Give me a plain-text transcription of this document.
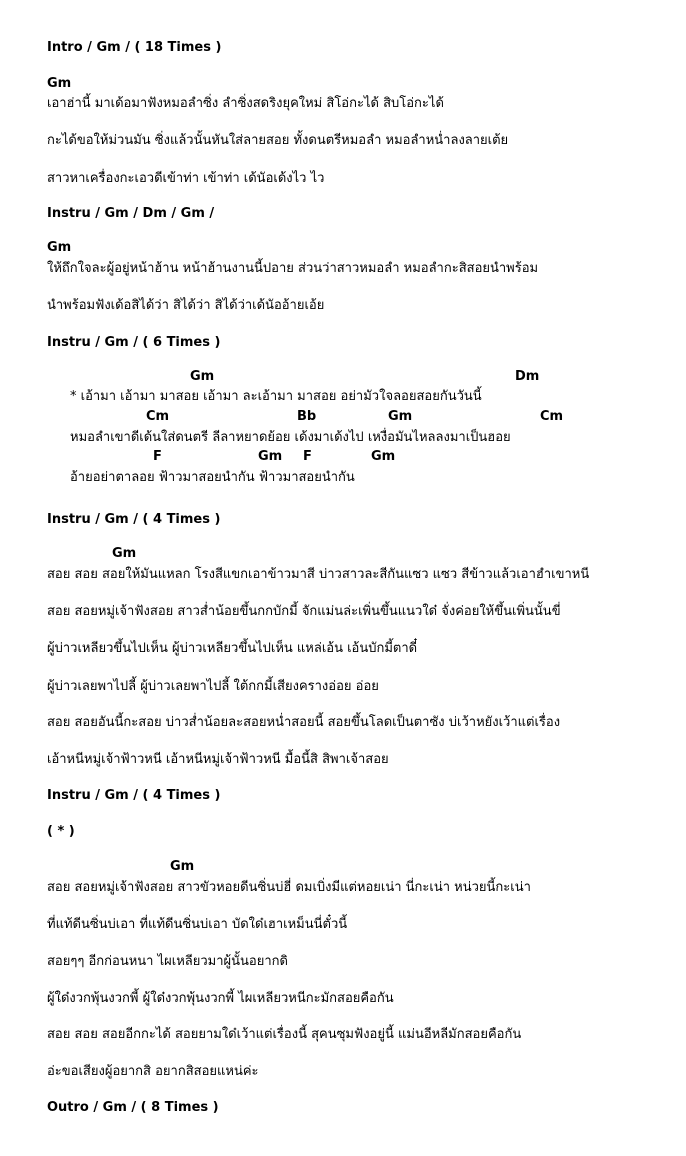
Intro / Gm / ( 18 Times )
Gm
เอาฮ่านี้ มาเด้อมาฟังหมอลำซิ่ง ลำซิ่งสดริงยุคใหม่ สิโอ่กะได้ สิบโอ่กะได้
กะได้ขอให้ม่วนมัน ซิ่งแล้วนั้นหันใส่ลายสอย ทั้งดนตรีหมอลำ หมอลำหน่ำลงลายเต้ย
สาวหาเครื่องกะเอวดีเข้าท่า เข้าท่า เด้นัอเด้งไว ไว
Instru / Gm / Dm / Gm /
Gm
ให้ถึกใจละผู้อยู่หน้าฮ้าน หน้าฮ้านงานนี้ปอาย ส่วนว่าสาวหมอลำ หมอลำกะสิสอยนำพร้อม
นำพร้อมฟังเด้อสิได้ว่า สิได้ว่า สิได้ว่าเด้นัออ้ายเอ้ย
Instru / Gm / ( 6 Times )
Gm	Dm
* เอ้ามา เอ้ามา มาสอย เอ้ามา ละเอ้ามา มาสอย อย่ามัวใจลอยสอยกันวันนี้
Cm	Bb	Gm	Cm
หมอลำเขาดีเด้นใส่ดนตรี ลีลาหยาดย้อย เด้งมาเด้งไป เหงื่อมันไหลลงมาเป็นฮอย
F	Gm F	Gm
อ้ายอย่าตาลอย ฟ้าวมาสอยนำกัน ฟ้าวมาสอยนำกัน
Instru / Gm / ( 4 Times )
Gm
สอย สอย สอยให้มันแหลก โรงสีแขกเอาข้าวมาสี บ่าวสาวละสีกันแซว แซว สีข้าวแล้วเอาฮำเขาหนี
สอย สอยหมู่เจ้าฟังสอย สาวส่ำน้อยขึ้นกกบักมี้ จักแม่นล่ะเพิ่นขึ้นแนวใด๋ จั่งค่อยให้ขึ้นเพิ่นนั้นขี่
ผู้บ่าวเหลียวขึ้นไปเห็น ผู้บ่าวเหลียวขึ้นไปเห็น แหล่เอ้น เอ้นบักมี้ตาดี๋
ผู้บ่าวเลยพาไปลี้ ผู้บ่าวเลยพาไปลี้ ใต้กกมี้เสียงครางอ่อย อ่อย
สอย สอยอันนี้กะสอย บ่าวส่ำน้อยละสอยหน่ำสอยนี้ สอยขึ้นโลดเป็นตาซัง บ่เว้าหยังเว้าแต่เรื่อง
เอ้าหนีหมู่เจ้าฟ้าวหนี เอ้าหนีหมู่เจ้าฟ้าวหนี มื้อนี้สิ สิพาเจ้าสอย
Instru / Gm / ( 4 Times )
( * )
Gm
สอย สอยหมู่เจ้าฟังสอย สาวขัวหอยดีนซิ่นบ่ฮี่ ดมเบิ่งมีแต่หอยเน่า นี่กะเน่า หน่วยนี้กะเน่า
ที่แท้ดีนซิ่นบ่เอา ที่แท้ดีนซิ่นบ่เอา บัดใด๋เฮาเหม็นนี่ตั๋วนี้
สอยๆๆ อีกก่อนหนา ไผเหลียวมาผู้นั้นอยากดิ
ผู้ใด๋งวกพุ้นงวกพี้ ผู้ใด๋งวกพุ้นงวกพี้ ไผเหลียวหนีกะมักสอยคือกัน
สอย สอย สอยอีกกะได้ สอยยามใด๋เว้าแต่เรื่องนี้ สุคนซุมฟังอยู่นี้ แม่นอีหลีมักสอยคือกัน
อ่ะขอเสียงผู้อยากสิ อยากสิสอยแหน่ค่ะ
Outro / Gm / ( 8 Times )
